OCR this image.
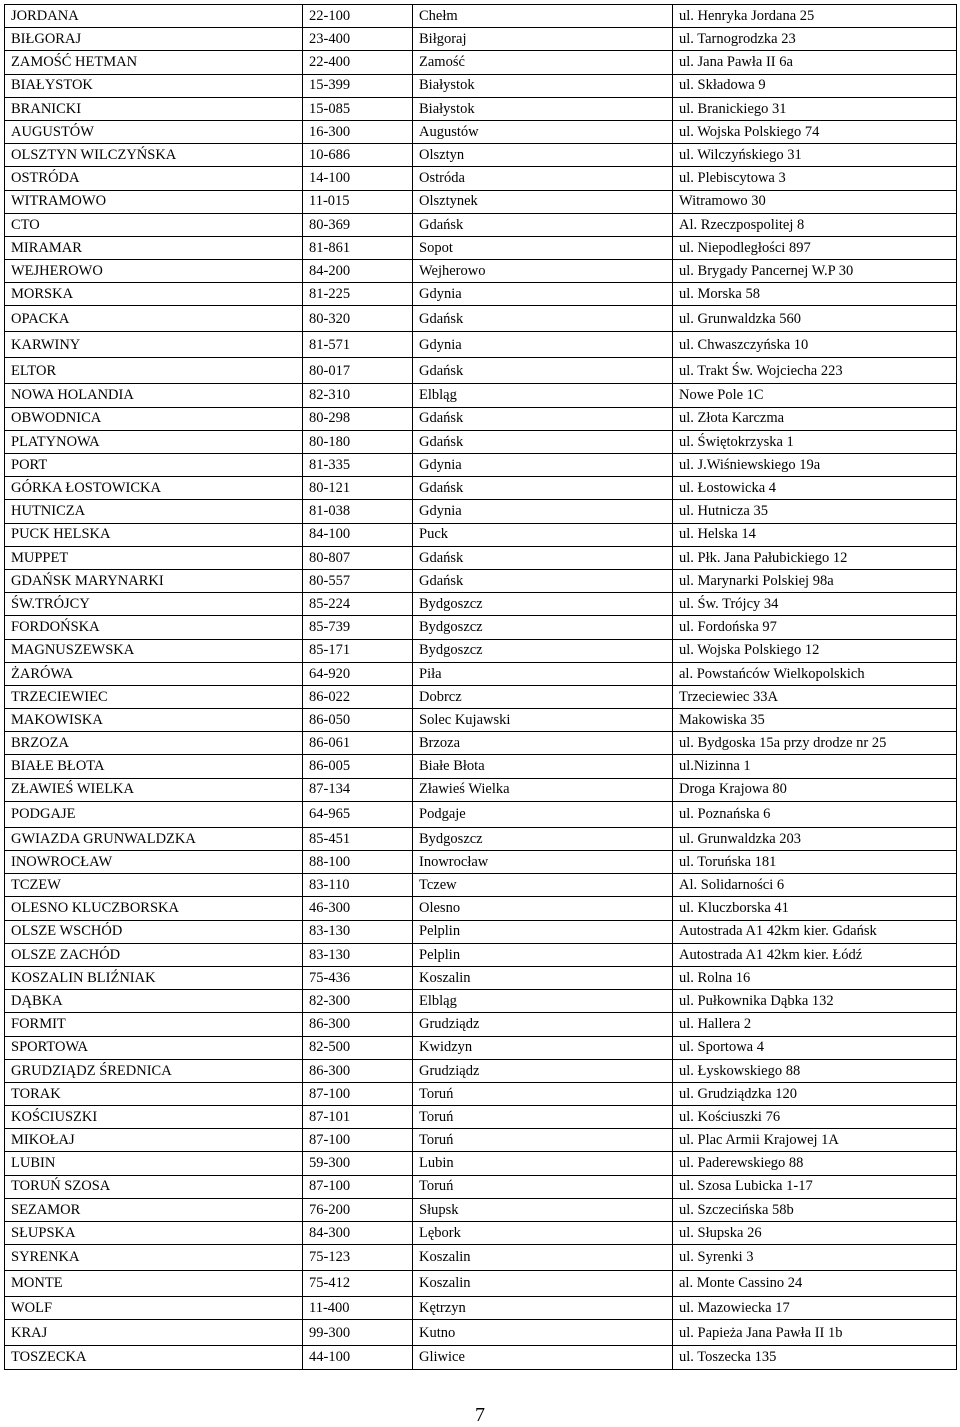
JORDANA	22-100	Chełm	ul. Henryka Jordana 25
BIŁGORAJ	23-400	Biłgoraj	ul. Tarnogrodzka 23
ZAMOŚĆ HETMAN	22-400	Zamość	ul. Jana Pawła II 6a
BIAŁYSTOK	15-399	Białystok	ul. Składowa 9
BRANICKI	15-085	Białystok	ul. Branickiego 31
AUGUSTÓW	16-300	Augustów	ul. Wojska Polskiego 74
OLSZTYN WILCZYŃSKA	10-686	Olsztyn	ul. Wilczyńskiego 31
OSTRÓDA	14-100	Ostróda	ul. Plebiscytowa 3
WITRAMOWO	11-015	Olsztynek	Witramowo 30
CTO	80-369	Gdańsk	Al. Rzeczpospolitej 8
MIRAMAR	81-861	Sopot	ul. Niepodległości 897
WEJHEROWO	84-200	Wejherowo	ul. Brygady Pancernej W.P 30
MORSKA	81-225	Gdynia	ul. Morska 58
OPACKA	80-320	Gdańsk	ul. Grunwaldzka 560
KARWINY	81-571	Gdynia	ul. Chwaszczyńska 10
ELTOR	80-017	Gdańsk	ul. Trakt Św. Wojciecha 223
NOWA HOLANDIA	82-310	Elbląg	Nowe Pole 1C
OBWODNICA	80-298	Gdańsk	ul. Złota Karczma
PLATYNOWA	80-180	Gdańsk	ul. Świętokrzyska 1
PORT	81-335	Gdynia	ul. J.Wiśniewskiego 19a
GÓRKA ŁOSTOWICKA	80-121	Gdańsk	ul. Łostowicka 4
HUTNICZA	81-038	Gdynia	ul. Hutnicza 35
PUCK HELSKA	84-100	Puck	ul. Helska 14
MUPPET	80-807	Gdańsk	ul. Płk. Jana Pałubickiego 12
GDAŃSK MARYNARKI	80-557	Gdańsk	ul. Marynarki Polskiej 98a
ŚW.TRÓJCY	85-224	Bydgoszcz	ul. Św. Trójcy 34
FORDOŃSKA	85-739	Bydgoszcz	ul. Fordońska 97
MAGNUSZEWSKA	85-171	Bydgoszcz	ul. Wojska Polskiego 12
ŻARÓWA	64-920	Piła	al. Powstańców Wielkopolskich
TRZECIEWIEC	86-022	Dobrcz	Trzeciewiec 33A
MAKOWISKA	86-050	Solec Kujawski	Makowiska 35
BRZOZA	86-061	Brzoza	ul. Bydgoska 15a przy drodze nr 25
BIAŁE BŁOTA	86-005	Białe Błota	ul.Nizinna 1
ZŁAWIEŚ WIELKA	87-134	Zławieś Wielka	Droga Krajowa 80
PODGAJE	64-965	Podgaje	ul. Poznańska 6
GWIAZDA GRUNWALDZKA	85-451	Bydgoszcz	ul. Grunwaldzka 203
INOWROCŁAW	88-100	Inowrocław	ul. Toruńska 181
TCZEW	83-110	Tczew	Al. Solidarności 6
OLESNO KLUCZBORSKA	46-300	Olesno	ul. Kluczborska 41
OLSZE WSCHÓD	83-130	Pelplin	Autostrada A1 42km kier. Gdańsk
OLSZE ZACHÓD	83-130	Pelplin	Autostrada A1 42km kier. Łódź
KOSZALIN BLIŹNIAK	75-436	Koszalin	ul. Rolna 16
DĄBKA	82-300	Elbląg	ul. Pułkownika Dąbka 132
FORMIT	86-300	Grudziądz	ul. Hallera 2
SPORTOWA	82-500	Kwidzyn	ul. Sportowa 4
GRUDZIĄDZ ŚREDNICA	86-300	Grudziądz	ul. Łyskowskiego 88
TORAK	87-100	Toruń	ul. Grudziądzka 120
KOŚCIUSZKI	87-101	Toruń	ul. Kościuszki 76
MIKOŁAJ	87-100	Toruń	ul. Plac Armii Krajowej 1A
LUBIN	59-300	Lubin	ul. Paderewskiego 88
TORUŃ SZOSA	87-100	Toruń	ul. Szosa Lubicka 1-17
SEZAMOR	76-200	Słupsk	ul. Szczecińska 58b
SŁUPSKA	84-300	Lębork	ul. Słupska 26
SYRENKA	75-123	Koszalin	ul. Syrenki 3
MONTE	75-412	Koszalin	al. Monte Cassino 24
WOLF	11-400	Kętrzyn	ul. Mazowiecka 17
KRAJ	99-300	Kutno	ul. Papieża Jana Pawła II 1b
TOSZECKA	44-100	Gliwice	ul. Toszecka 135
7
